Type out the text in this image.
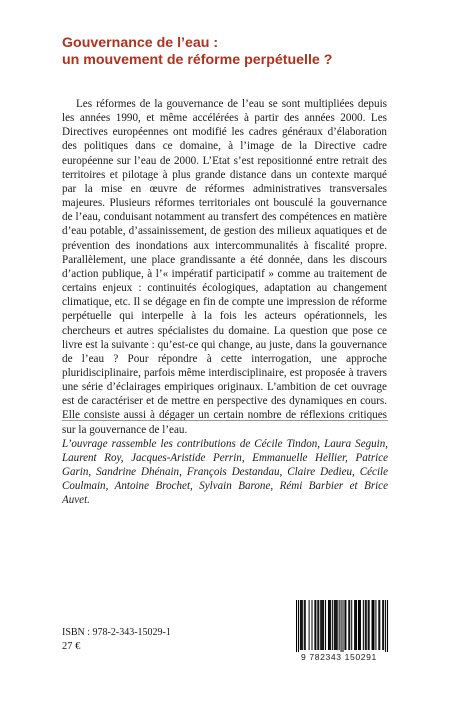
Gouvernance de l’eau :
un mouvement de réforme perpétuelle ?

Les réformes de la gouvernance de l’eau se sont multipliées depuis les années 1990, et même accélérées à partir des années 2000. Les Directives européennes ont modifié les cadres généraux d’élaboration des politiques dans ce domaine, à l’image de la Directive cadre européenne sur l’eau de 2000. L’Etat s’est repositionné entre retrait des territoires et pilotage à plus grande distance dans un contexte marqué par la mise en œuvre de réformes administratives transversales majeures. Plusieurs réformes territoriales ont bousculé la gouvernance de l’eau, conduisant notamment au transfert des compétences en matière d’eau potable, d’assainissement, de gestion des milieux aquatiques et de prévention des inondations aux intercommunalités à fiscalité propre. Parallèlement, une place grandissante a été donnée, dans les discours d’action publique, à l’« impératif participatif » comme au traitement de certains enjeux : continuités écologiques, adaptation au changement climatique, etc. Il se dégage en fin de compte une impression de réforme perpétuelle qui interpelle à la fois les acteurs opérationnels, les chercheurs et autres spécialistes du domaine. La question que pose ce livre est la suivante : qu’est-ce qui change, au juste, dans la gouvernance de l’eau ? Pour répondre à cette interrogation, une approche pluridisciplinaire, parfois même interdisciplinaire, est proposée à travers une série d’éclairages empiriques originaux. L’ambition de cet ouvrage est de caractériser et de mettre en perspective des dynamiques en cours. Elle consiste aussi à dégager un certain nombre de réflexions critiques sur la gouvernance de l’eau.

L’ouvrage rassemble les contributions de Cécile Tindon, Laura Seguin, Laurent Roy, Jacques-Aristide Perrin, Emmanuelle Hellier, Patrice Garin, Sandrine Dhénain, François Destandau, Claire Dedieu, Cécile Coulmain, Antoine Brochet, Sylvain Barone, Rémi Barbier et Brice Auvet.
ISBN : 978-2-343-15029-1
27 €
9 782343 150291
